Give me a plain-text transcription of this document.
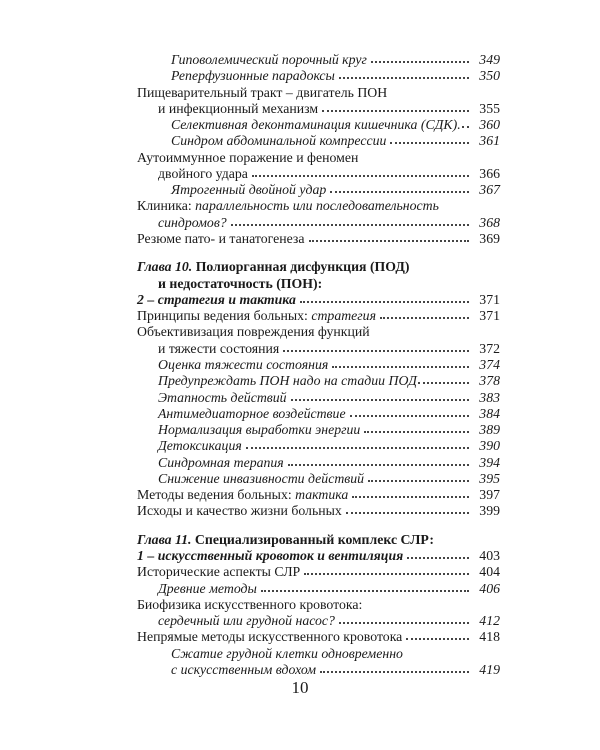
Гиповолемический порочный круг	349
Реперфузионные парадоксы	350
Пищеварительный тракт – двигатель ПОН
и инфекционный механизм	355
Селективная деконтаминация кишечника (СДК).	360
Синдром абдоминальной компрессии	361
Аутоиммунное поражение и феномен
двойного удара	366
Ятрогенный двойной удар	367
Клиника: параллельность или последовательность
синдромов?	368
Резюме пато- и танатогенеза	369
Глава 10. Полиорганная дисфункция (ПОД)
и недостаточность (ПОН):
2 – стратегия и тактика	371
Принципы ведения больных: стратегия	371
Объективизация повреждения функций
и тяжести состояния	372
Оценка тяжести состояния	374
Предупреждать ПОН надо на стадии ПОД	378
Этапность действий	383
Антимедиаторное воздействие	384
Нормализация выработки энергии	389
Детоксикация	390
Синдромная терапия	394
Снижение инвазивности действий	395
Методы ведения больных: тактика	397
Исходы и качество жизни больных	399
Глава 11. Специализированный комплекс СЛР:
1 – искусственный кровоток и вентиляция	403
10
Исторические аспекты СЛР	404
Древние методы	406
Биофизика искусственного кровотока:
сердечный или грудной насос?	412
Непрямые методы искусственного кровотока	418
Сжатие грудной клетки одновременно
с искусственным вдохом	419
